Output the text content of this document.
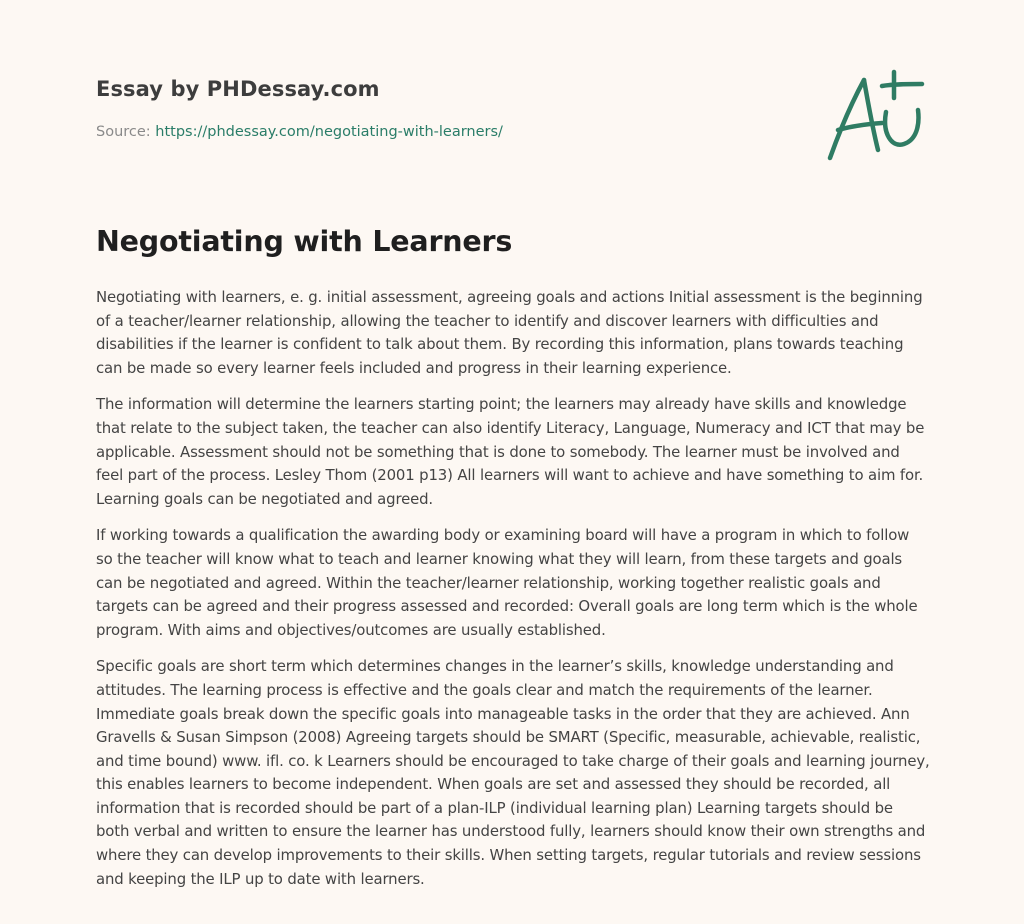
Essay by PHDessay.com
Source: https://phdessay.com/negotiating-with-learners/
Negotiating with Learners

Negotiating with learners, e. g. initial assessment, agreeing goals and actions Initial assessment is the beginning of a teacher/learner relationship, allowing the teacher to identify and discover learners with difficulties and disabilities if the learner is confident to talk about them. By recording this information, plans towards teaching can be made so every learner feels included and progress in their learning experience.

The information will determine the learners starting point; the learners may already have skills and knowledge that relate to the subject taken, the teacher can also identify Literacy, Language, Numeracy and ICT that may be applicable. Assessment should not be something that is done to somebody. The learner must be involved and feel part of the process. Lesley Thom (2001 p13) All learners will want to achieve and have something to aim for. Learning goals can be negotiated and agreed.

If working towards a qualification the awarding body or examining board will have a program in which to follow so the teacher will know what to teach and learner knowing what they will learn, from these targets and goals can be negotiated and agreed. Within the teacher/learner relationship, working together realistic goals and targets can be agreed and their progress assessed and recorded: Overall goals are long term which is the whole program. With aims and objectives/outcomes are usually established.

Specific goals are short term which determines changes in the learner’s skills, knowledge understanding and attitudes. The learning process is effective and the goals clear and match the requirements of the learner. Immediate goals break down the specific goals into manageable tasks in the order that they are achieved. Ann Gravells & Susan Simpson (2008) Agreeing targets should be SMART (Specific, measurable, achievable, realistic, and time bound) www. ifl. co. k Learners should be encouraged to take charge of their goals and learning journey, this enables learners to become independent. When goals are set and assessed they should be recorded, all information that is recorded should be part of a plan-ILP (individual learning plan) Learning targets should be both verbal and written to ensure the learner has understood fully, learners should know their own strengths and where they can develop improvements to their skills. When setting targets, regular tutorials and review sessions and keeping the ILP up to date with learners.
